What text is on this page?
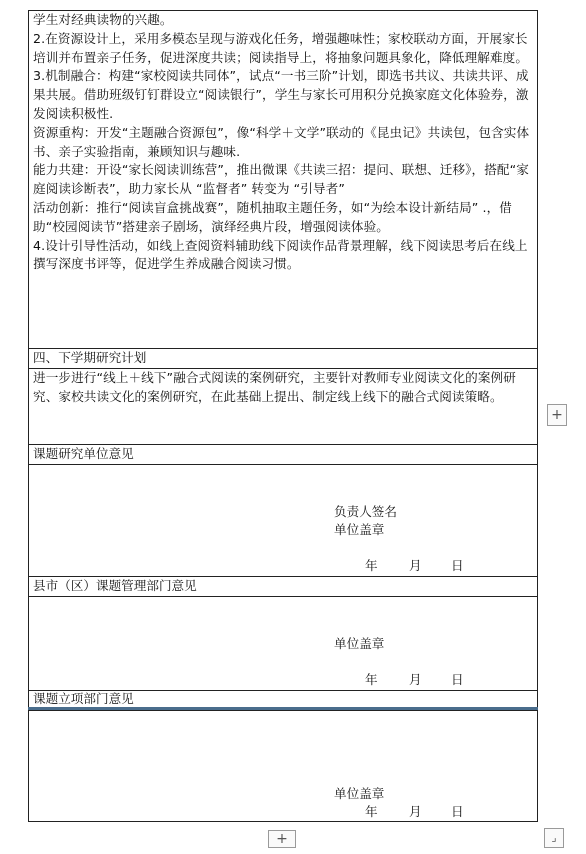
学生对经典读物的兴趣。

2.在资源设计上，采用多模态呈现与游戏化任务，增强趣味性；家校联动方面，开展家长培训并布置亲子任务，促进深度共读；阅读指导上，将抽象问题具象化，降低理解难度。

3.机制融合：构建“家校阅读共同体”，试点“一书三阶”计划，即选书共议、共读共评、成果共展。借助班级钉钉群设立“阅读银行”，学生与家长可用积分兑换家庭文化体验券，激发阅读积极性.

资源重构：开发“主题融合资源包”，像“科学＋文学”联动的《昆虫记》共读包，包含实体书、亲子实验指南，兼顾知识与趣味.

能力共建：开设“家长阅读训练营”，推出微课《共读三招：提问、联想、迁移》，搭配“家庭阅读诊断表”，助力家长从 “监督者” 转变为 “引导者”

活动创新：推行“阅读盲盒挑战赛”，随机抽取主题任务，如“为绘本设计新结局” .，借助“校园阅读节”搭建亲子剧场，演绎经典片段，增强阅读体验。

4.设计引导性活动，如线上查阅资料辅助线下阅读作品背景理解，线下阅读思考后在线上撰写深度书评等，促进学生养成融合阅读习惯。

四、下学期研究计划
进一步进行“线上＋线下”融合式阅读的案例研究，主要针对教师专业阅读文化的案例研究、家校共读文化的案例研究，在此基础上提出、制定线上线下的融合式阅读策略。
课题研究单位意见
负责人签名
单位盖章
年 月 日
县市（区）课题管理部门意见
单位盖章
年 月 日
课题立项部门意见
单位盖章
年 月 日
+
+	⌟
